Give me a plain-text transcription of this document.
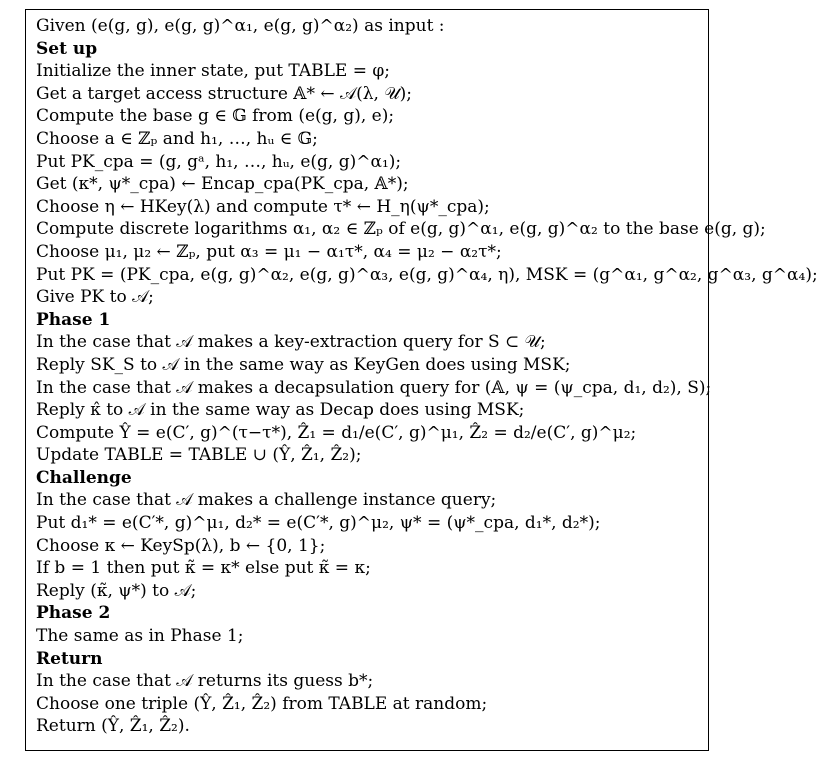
Given (e(g, g), e(g, g)^α₁, e(g, g)^α₂) as input :
Set up
Initialize the inner state, put TABLE = φ;
Get a target access structure 𝔸* ← 𝒜(λ, 𝒰);
Compute the base g ∈ 𝔾 from (e(g, g), e);
Choose a ∈ ℤₚ and h₁, …, hᵤ ∈ 𝔾;
Put PK_cpa = (g, gᵃ, h₁, …, hᵤ, e(g, g)^α₁);
Get (κ*, ψ*_cpa) ← Encap_cpa(PK_cpa, 𝔸*);
Choose η ← HKey(λ) and compute τ* ← H_η(ψ*_cpa);
Compute discrete logarithms α₁, α₂ ∈ ℤₚ of e(g, g)^α₁, e(g, g)^α₂ to the base e(g, g);
Choose μ₁, μ₂ ← ℤₚ, put α₃ = μ₁ − α₁τ*, α₄ = μ₂ − α₂τ*;
Put PK = (PK_cpa, e(g, g)^α₂, e(g, g)^α₃, e(g, g)^α₄, η), MSK = (g^α₁, g^α₂, g^α₃, g^α₄);
Give PK to 𝒜;
Phase 1
In the case that 𝒜 makes a key-extraction query for S ⊂ 𝒰;
Reply SK_S to 𝒜 in the same way as KeyGen does using MSK;
In the case that 𝒜 makes a decapsulation query for (𝔸, ψ = (ψ_cpa, d₁, d₂), S);
Reply κ̂ to 𝒜 in the same way as Decap does using MSK;
Compute Ŷ = e(C′, g)^(τ−τ*), Ẑ₁ = d₁/e(C′, g)^μ₁, Ẑ₂ = d₂/e(C′, g)^μ₂;
Update TABLE = TABLE ∪ (Ŷ, Ẑ₁, Ẑ₂);
Challenge
In the case that 𝒜 makes a challenge instance query;
Put d₁* = e(C′*, g)^μ₁, d₂* = e(C′*, g)^μ₂, ψ* = (ψ*_cpa, d₁*, d₂*);
Choose κ ← KeySp(λ), b ← {0, 1};
If b = 1 then put κ̃ = κ* else put κ̃ = κ;
Reply (κ̃, ψ*) to 𝒜;
Phase 2
The same as in Phase 1;
Return
In the case that 𝒜 returns its guess b*;
Choose one triple (Ŷ, Ẑ₁, Ẑ₂) from TABLE at random;
Return (Ŷ, Ẑ₁, Ẑ₂).
